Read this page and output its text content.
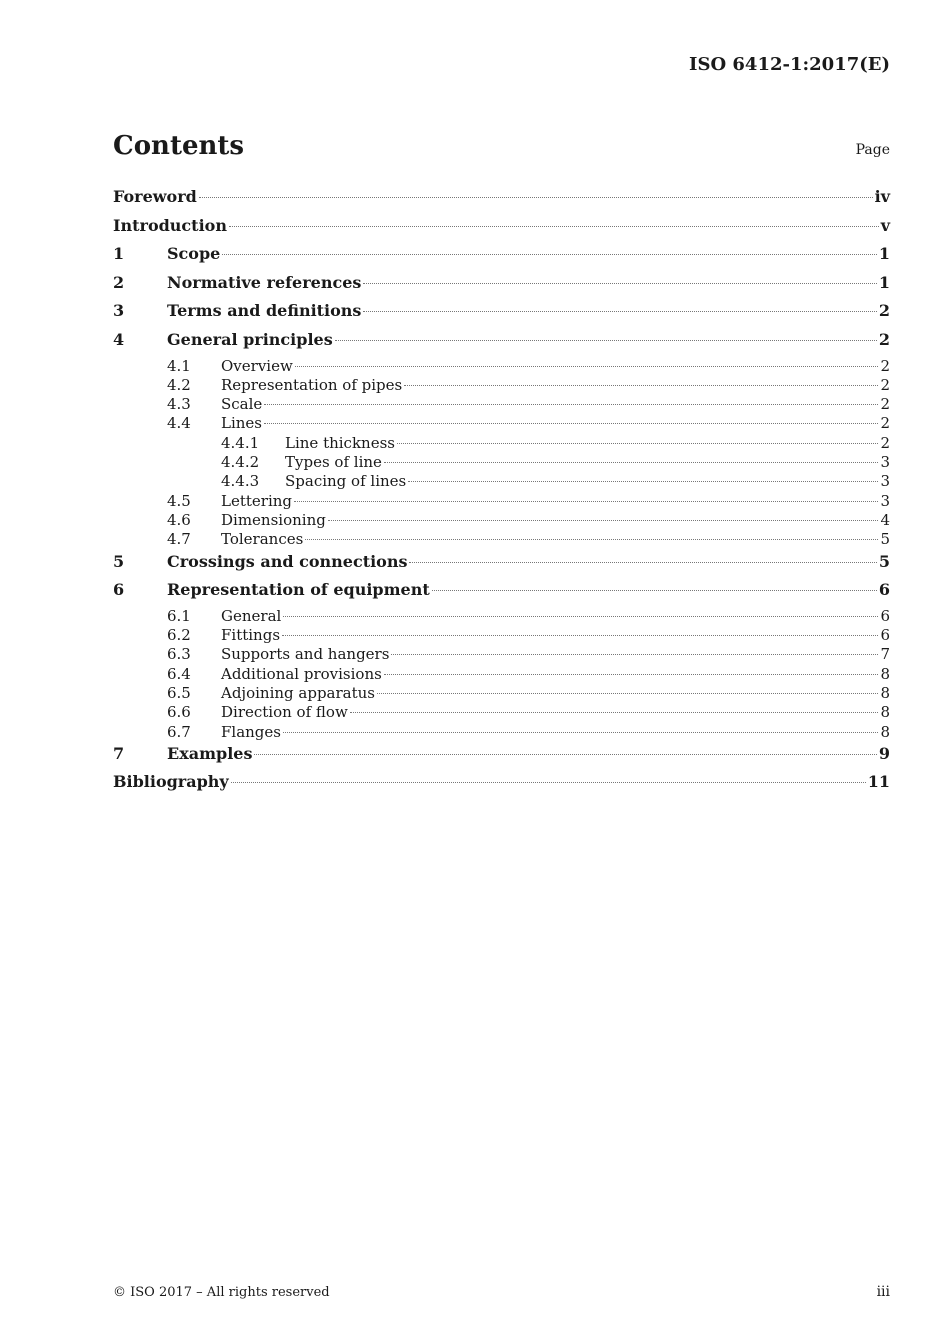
ISO 6412-1:2017(E)
Contents	Page
Foreword	iv
Introduction	v
1	Scope	1
2	Normative references	1
3	Terms and definitions	2
4	General principles	2
4.1	Overview	2
4.2	Representation of pipes	2
4.3	Scale	2
4.4	Lines	2
4.4.1	Line thickness	2
4.4.2	Types of line	3
4.4.3	Spacing of lines	3
4.5	Lettering	3
4.6	Dimensioning	4
4.7	Tolerances	5
5	Crossings and connections	5
6	Representation of equipment	6
6.1	General	6
6.2	Fittings	6
6.3	Supports and hangers	7
6.4	Additional provisions	8
6.5	Adjoining apparatus	8
6.6	Direction of flow	8
6.7	Flanges	8
7	Examples	9
Bibliography	11
© ISO 2017 – All rights reserved	iii
